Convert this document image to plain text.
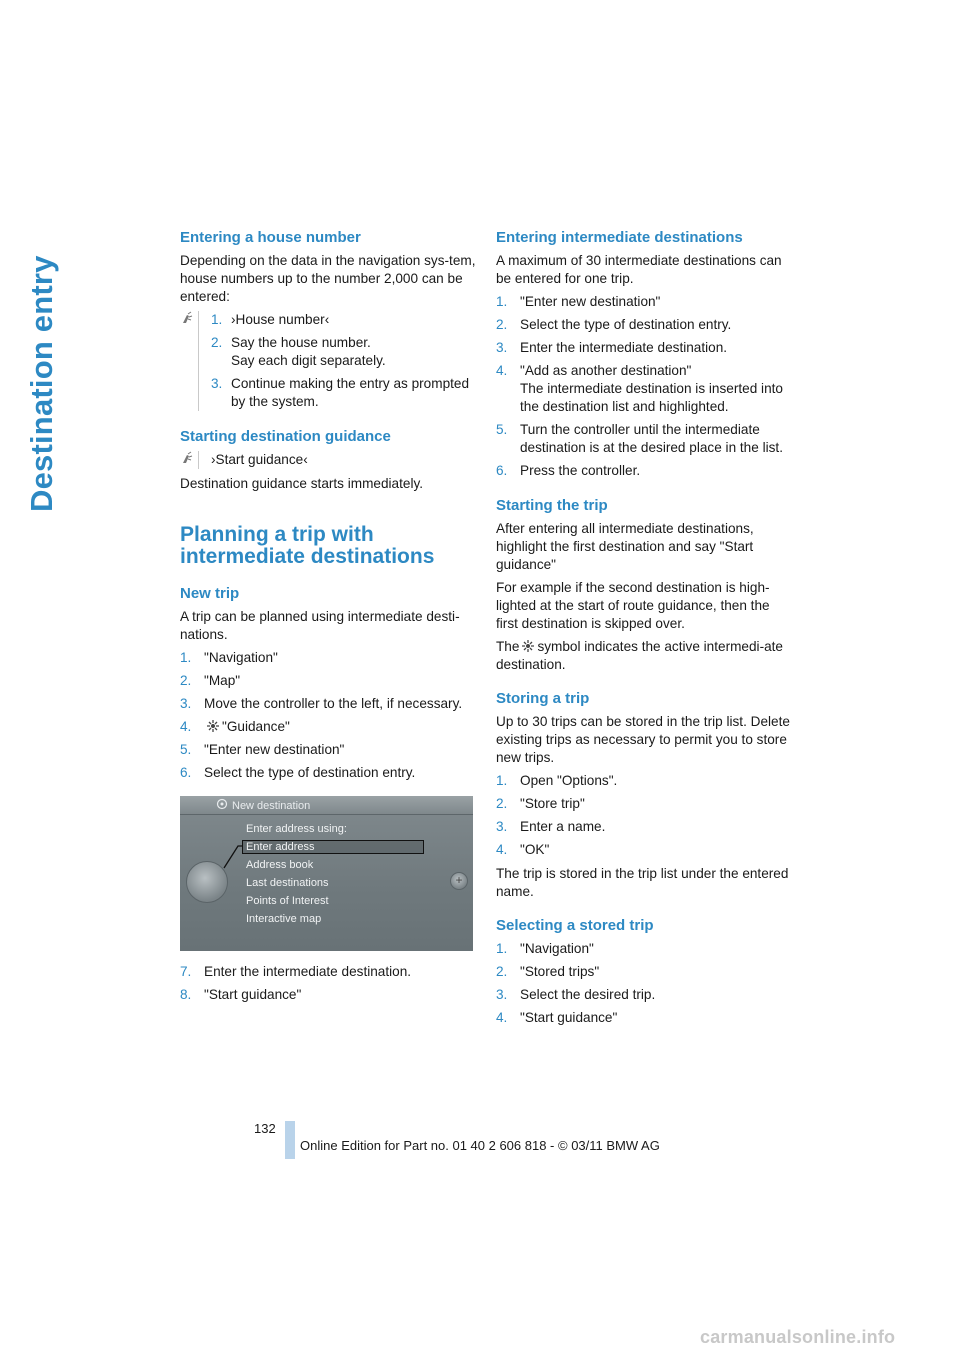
Destination entry
Entering a house number

Depending on the data in the navigation sys-tem, house numbers up to the number 2,000 can be entered:

1. ›House number‹
2. Say the house number.
Say each digit separately.
3. Continue making the entry as prompted by the system.
Starting destination guidance
›Start guidance‹

Destination guidance starts immediately.

Planning a trip with intermediate destinations
New trip

A trip can be planned using intermediate desti-nations.

1. "Navigation"
2. "Map"
3. Move the controller to the left, if necessary.
4. "Guidance"
5. "Enter new destination"
6. Select the type of destination entry.
New destination
Enter address using:
Enter address
Address book
Last destinations
Points of Interest
Interactive map
+
7. Enter the intermediate destination.
8. "Start guidance"
Entering intermediate destinations

A maximum of 30 intermediate destinations can be entered for one trip.

1. "Enter new destination"
2. Select the type of destination entry.
3. Enter the intermediate destination.
4. "Add as another destination"
The intermediate destination is inserted into the destination list and highlighted.
5. Turn the controller until the intermediate destination is at the desired place in the list.
6. Press the controller.
Starting the trip

After entering all intermediate destinations, highlight the first destination and say "Start guidance"

For example if the second destination is high-lighted at the start of route guidance, then the first destination is skipped over.

The symbol indicates the active intermedi-ate destination.

Storing a trip

Up to 30 trips can be stored in the trip list. Delete existing trips as necessary to permit you to store new trips.

1. Open "Options".
2. "Store trip"
3. Enter a name.
4. "OK"

The trip is stored in the trip list under the entered name.

Selecting a stored trip
1. "Navigation"
2. "Stored trips"
3. Select the desired trip.
4. "Start guidance"
132
Online Edition for Part no. 01 40 2 606 818 - © 03/11 BMW AG
carmanualsonline.info
